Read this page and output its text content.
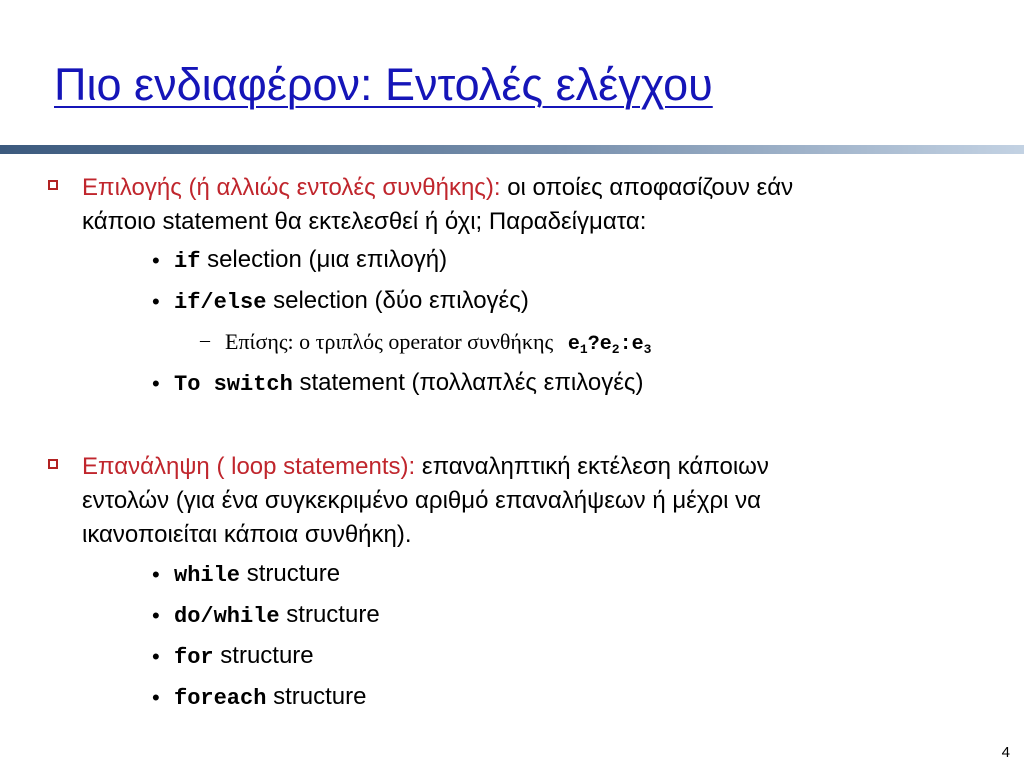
Πιο ενδιαφέρον: Εντολές ελέγχου
Επιλογής (ή αλλιώς εντολές συνθήκης): οι οποίες αποφασίζουν εάν
κάποιο statement θα εκτελεσθεί ή όχι; Παραδείγματα:
• if selection (μια επιλογή)
• if/else selection (δύο επιλογές)
– Επίσης: ο τριπλός operator συνθήκης $e_1?e_2:e_3$
• To switch statement (πολλαπλές επιλογές)
Επανάληψη ( loop statements): επαναληπτική εκτέλεση κάποιων
εντολών (για ένα συγκεκριμένο αριθμό επαναλήψεων ή μέχρι να
ικανοποιείται κάποια συνθήκη).
• while structure
• do/while structure
• for structure
• foreach structure
4
